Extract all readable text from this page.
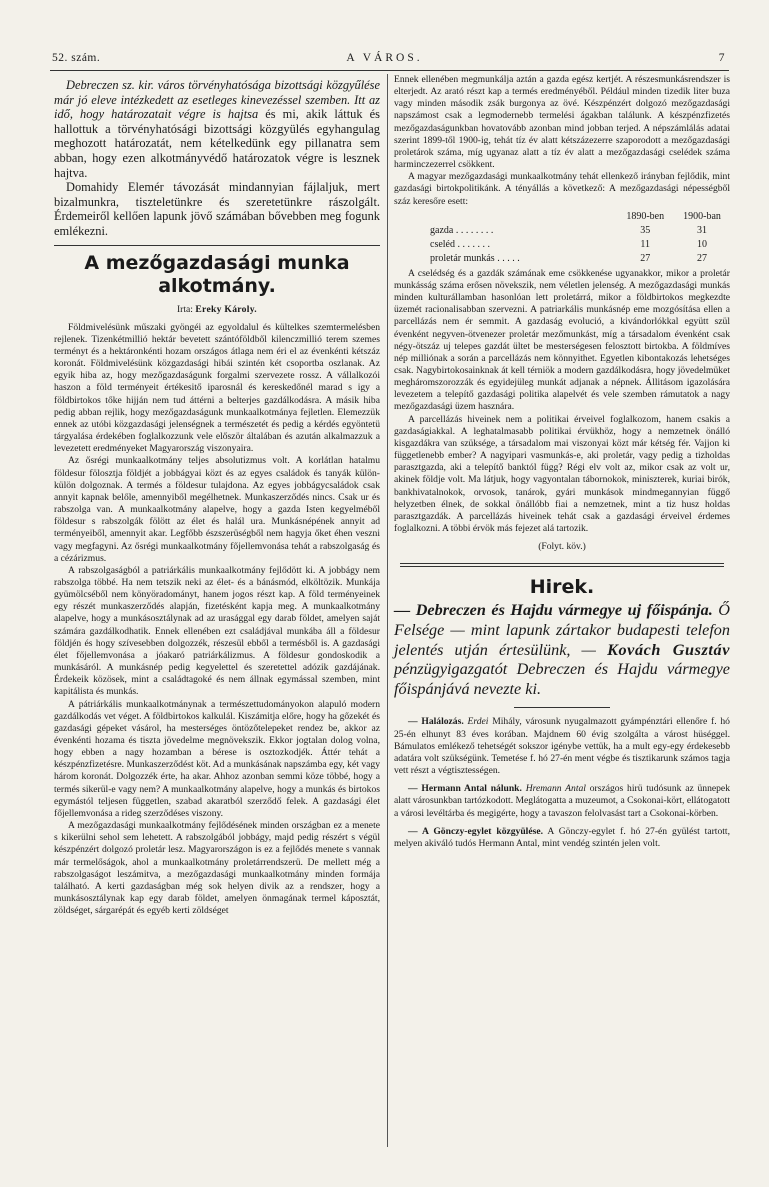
52. szám.	A VÁROS.	7

Debreczen sz. kir. város törvényhatósága bizottsági közgyűlése már jó eleve intézkedett az esetleges kinevezéssel szemben. Itt az idő, hogy határozatait végre is hajtsa és mi, akik láttuk és hallottuk a törvényhatósági bizottsági közgyülés egyhangulag meghozott határozatát, nem kételkedünk egy pillanatra sem abban, hogy ezen alkotmányvédő határozatok végre is lesznek hajtva.

Domahidy Elemér távozását mindannyian fájlaljuk, mert bizalmunkra, tiszteletünkre és szeretetünkre rászolgált. Érdemeiről kellően lapunk jövő számában bővebben meg fogunk emlékezni.

A mezőgazdasági munka alkotmány.
Irta: Ereky Károly.

Földmivelésünk műszaki gyöngéi az egyoldalul és kültelkes szemtermelésben rejlenek. Tizenkétmillió hektár bevetett szántóföldből kilenczmillió terem szemes terményt és a hektáronkénti hozam országos átlaga nem éri el az évenkénti kétszáz koronát. Földmivelésünk közgazdasági hibái szintén két csoportba oszlanak. Az egyik hiba az, hogy mezőgazdaságunk forgalmi szervezete rossz. A vállalkozói haszon a föld terményeit értékesitő iparosnál és kereskedőnél marad s igy a földbirtokos tőke hijján nem tud áttérni a belterjes gazdálkodásra. A másik hiba pedig abban rejlik, hogy mezőgazdaságunk munkaalkotmánya fejletlen. Elemezzük ennek az utóbi közgazdasági jelenségnek a természetét és pedig a kérdés egyöntetü tárgyalása érdekében foglalkozzunk vele először általában és azután alkalmazzuk a levezetett eredményeket Magyarország viszonyaira.

Az ősrégi munkaalkotmány teljes absolutizmus volt. A korlátlan hatalmu földesur fölosztja földjét a jobbágyai közt és az egyes családok és tanyák külön-külön dolgoznak. A termés a földesur tulajdona. Az egyes jobbágycsaládok csak annyit kapnak belőle, amennyiből megélhetnek. Munkaszerződés nincs. Csak ur és rabszolga van. A munkaalkotmány alapelve, hogy a gazda Isten kegyelméből földesur s rabszolgák fölött az élet és halál ura. Munkásnépének annyit ad terményeiből, amennyit akar. Legfőbb észszerüségből nem hagyja őket éhen veszni vagy megfagyni. Az ősrégi munkaalkotmány főjellemvonása tehát a rabszolgaság és a cézárizmus.

A rabszolgaságból a patriárkális munkaalkotmány fejlődött ki. A jobbágy nem rabszolga többé. Ha nem tetszik neki az élet- és a bánásmód, elköltözik. Munkája gyümölcséből nem könyöradományt, hanem jogos részt kap. A föld terményeinek egy részét munkaszerződés alapján, fizetésként kapja meg. A munkaalkotmány alapelve, hogy a munkásosztálynak ad az urasággal egy darab földet, amelyen saját számára gazdálkodhatik. Ennek ellenében ezt családjával munkába áll a földesur földjén és hogy szívesebben dolgozzék, részesül ebből a termésből is. A gazdasági élet főjellemvonása a jóakaró patriárkálizmus. A földesur gondoskodik a munkásáról. A munkásnép pedig kegyelettel és szeretettel adózik gazdájának. Érdekeik közösek, mint a családtagoké és nem állnak egymással szemben, mint kapitálista és munkás.

A pátriárkális munkaalkotmánynak a természettudományokon alapuló modern gazdálkodás vet véget. A földbirtokos kalkulál. Kiszámitja előre, hogy ha gőzekét és gazdasági gépeket vásárol, ha mesterséges öntözőtelepeket rendez be, akkor az évenkénti hozama és tiszta jövedelme megnövekszik. Ekkor jogtalan dolog volna, hogy ebben a nagy hozamban a bérese is osztozkodjék. Áttér tehát a készpénzfizetésre. Munkaszerződést köt. Ad a munkásának napszámba egy, két vagy három koronát. Dolgozzék érte, ha akar. Ahhoz azonban semmi köze többé, hogy a termés sikerül-e vagy nem? A munkaalkotmány alapelve, hogy a munkás és birtokos egymástól teljesen független, szabad akaratból szerződő felek. A gazdasági élet főjellemvonása a rideg szerződéses viszony.

A mezőgazdasági munkaalkotmány fejlődésének minden országban ez a menete s kikerülni sehol sem lehetett. A rabszolgából jobbágy, majd pedig részért s végül készpénzért dolgozó proletár lesz. Magyarországon is ez a fejlődés menete s vannak már termelőságok, ahol a munkaalkotmány proletárrendszerü. De mellett még a rabszolgaságot leszámitva, a mezőgazdasági munkaalkotmány minden formája található. A kerti gazdaságban még sok helyen divik az a rendszer, hogy a munkásosztálynak kap egy darab földet, amelyen önmagának termel káposztát, zöldséget, sárgarépát és egyéb kerti zöldséget

Ennek ellenében megmunkálja aztán a gazda egész kertjét. A részesmunkásrendszer is elterjedt. Az arató részt kap a termés eredményéből. Például minden tizedik liter buza vagy minden második zsák burgonya az övé. Készpénzért dolgozó mezőgazdasági napszámost csak a legmodernebb termelési ágakban találunk. A készpénzfizetés mezőgazdaságunkban hovatovább azonban mind jobban terjed. A népszámlálás adatai szerint 1899-től 1900-ig, tehát tíz év alatt kétszázezerre szaporodott a mezőgazdasági proletárok száma, míg ugyanaz alatt a tíz év alatt a mezőgazdasági cselédek száma harminczezerrel csökkent.

A magyar mezőgazdasági munkaalkotmány tehát ellenkező irányban fejlődik, mint gazdasági birtokpolitikánk. A tényállás a következő: A mezőgazdasági népességből száz keresőre esett:

1890-ben	1900-ban
gazda . . . . . . . .	35	31
cseléd . . . . . . .	11	10
proletár munkás . . . . .	27	27

A cselédség és a gazdák számának eme csökkenése ugyanakkor, mikor a proletár munkásság száma erősen növekszik, nem véletlen jelenség. A mezőgazdasági munkás minden kulturállamban hasonlóan lett proletárrá, mikor a földbirtokos megkezdte üzemét racionalisabban szervezni. A patriarkális munkásnép eme mozgósítása ellen a parcellázás nem ér semmit. A gazdaság evolució, a kivándorlókkal együtt szül évenként negyven-ötvenezer proletár mezőmunkást, míg a társadalom évenként csak négy-ötszáz uj telepes gazdát ültet be mesterségesen felosztott birtokba. A földmíves nép milliónak a során a parcellázás nem könnyithet. Egyetlen kibontakozás lehetséges csak. Nagybirtokosainknak át kell térniök a modern gazdálkodásra, hogy jövedelmüket megháromszorozzák és egyidejüleg munkát adjanak a népnek. Állitásom igazolására levezetem a telepítő gazdasági politika alapelvét és vele szemben rámutatok a nagy mezőgazdasági üzem hasznára.

A parcellázás hiveinek nem a politikai érveivel foglalkozom, hanem csakis a gazdaságiakkal. A leghatalmasabb politikai érvükhöz, hogy a nemzetnek önálló kisgazdákra van szüksége, a társadalom mai viszonyai közt már kétség fér. Vajjon ki függetlenebb ember? A nagyipari vasmunkás-e, aki proletár, vagy pedig a tizholdas parasztgazda, aki a telepítő banktól függ? Régi elv volt az, mikor csak az volt ur, akinek földje volt. Ma látjuk, hogy vagyontalan tábornokok, miniszterek, kuriai birók, bankhivatalnokok, orvosok, tanárok, gyári munkások mindmegannyian függő helyzetben élnek, de sokkal önállóbb fiai a nemzetnek, mint a tiz husz holdas parasztgazdák. A parcellázás hiveinek tehát csak a gazdasági érveivel érdemes foglalkozni. A többi érvök más fejezet alá tartozik.

(Folyt. köv.)
Hirek.

— Debreczen és Hajdu vármegye uj főispánja. Ő Felsége — mint lapunk zártakor budapesti telefon jelentés utján értesülünk, — Kovách Gusztáv pénzügyigazgatót Debreczen és Hajdu vármegye főispánjává nevezte ki.

— Halálozás. Erdei Mihály, városunk nyugalmazott gyámpénztári ellenőre f. hó 25-én elhunyt 83 éves korában. Majdnem 60 évig szolgálta a várost hüséggel. Bámulatos emlékező tehetségét sokszor igénybe vettük, ha a mult egy-egy érdekesebb adatára volt szükségünk. Temetése f. hó 27-én ment végbe és tisztikarunk számos tagja vett részt a végtisztességen.

— Hermann Antal nálunk. Hremann Antal országos hirü tudósunk az ünnepek alatt városunkban tartózkodott. Meglátogatta a muzeumot, a Csokonai-kört, ellátogatott a városi levéltárba és megigérte, hogy a tavaszon felolvasást tart a Csokonai-körben.

— A Gönczy-egylet közgyülése. A Gönczy-egylet f. hó 27-én gyülést tartott, melyen akiváló tudós Hermann Antal, mint vendég szintén jelen volt.
